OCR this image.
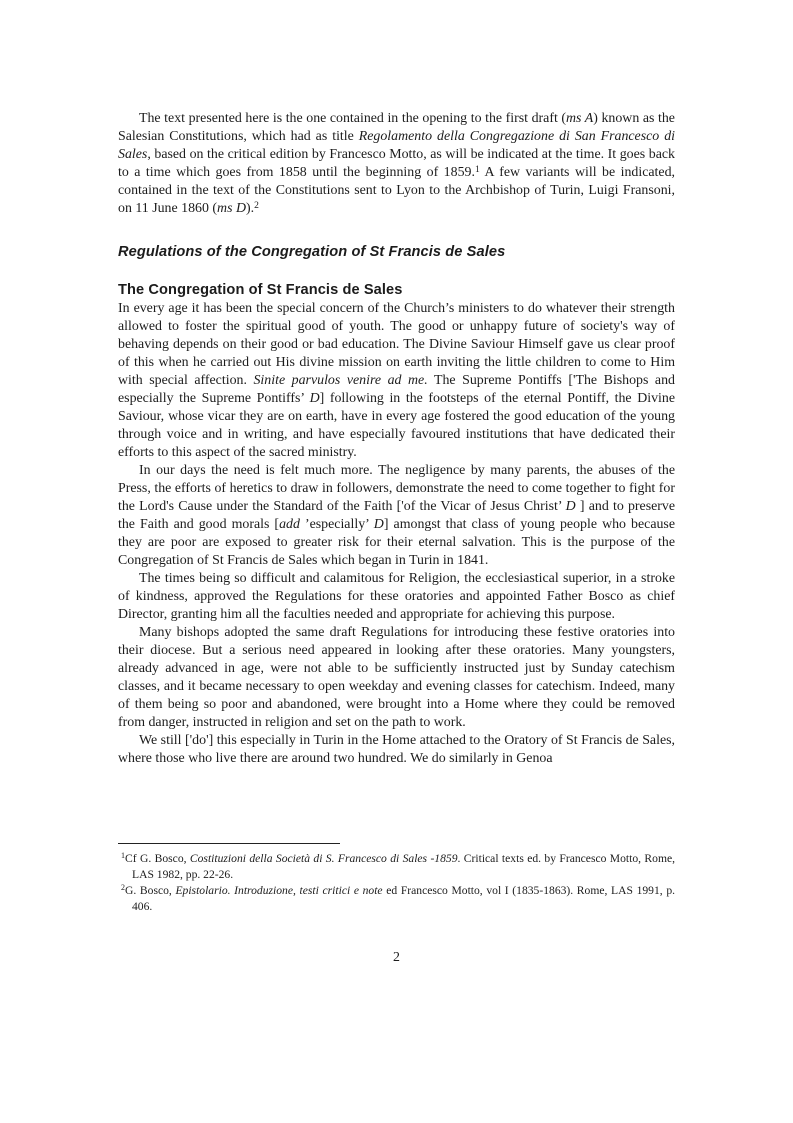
The text presented here is the one contained in the opening to the first draft (ms A) known as the Salesian Constitutions, which had as title Regolamento della Congregazione di San Francesco di Sales, based on the critical edition by Francesco Motto, as will be indicated at the time. It goes back to a time which goes from 1858 until the beginning of 1859.$^1$ A few variants will be indicated, contained in the text of the Constitutions sent to Lyon to the Archbishop of Turin, Luigi Fransoni, on 11 June 1860 (ms D).$^2$

Regulations of the Congregation of St Francis de Sales
The Congregation of St Francis de Sales

In every age it has been the special concern of the Church’s ministers to do whatever their strength allowed to foster the spiritual good of youth. The good or unhappy future of society's way of behaving depends on their good or bad education. The Divine Saviour Himself gave us clear proof of this when he carried out His divine mission on earth inviting the little children to come to Him with special affection. Sinite parvulos venire ad me. The Supreme Pontiffs ['The Bishops and especially the Supreme Pontiffs’ D] following in the footsteps of the eternal Pontiff, the Divine Saviour, whose vicar they are on earth, have in every age fostered the good education of the young through voice and in writing, and have especially favoured institutions that have dedicated their efforts to this aspect of the sacred ministry.

In our days the need is felt much more. The negligence by many parents, the abuses of the Press, the efforts of heretics to draw in followers, demonstrate the need to come together to fight for the Lord's Cause under the Standard of the Faith ['of the Vicar of Jesus Christ’ D ] and to preserve the Faith and good morals [add ’especially’ D] amongst that class of young people who because they are poor are exposed to greater risk for their eternal salvation. This is the purpose of the Congregation of St Francis de Sales which began in Turin in 1841.

The times being so difficult and calamitous for Religion, the ecclesiastical superior, in a stroke of kindness, approved the Regulations for these oratories and appointed Father Bosco as chief Director, granting him all the faculties needed and appropriate for achieving this purpose.

Many bishops adopted the same draft Regulations for introducing these festive oratories into their diocese. But a serious need appeared in looking after these oratories. Many youngsters, already advanced in age, were not able to be sufficiently instructed just by Sunday catechism classes, and it became necessary to open weekday and evening classes for catechism. Indeed, many of them being so poor and abandoned, were brought into a Home where they could be removed from danger, instructed in religion and set on the path to work.

We still ['do'] this especially in Turin in the Home attached to the Oratory of St Francis de Sales, where those who live there are around two hundred. We do similarly in Genoa

$^1$Cf G. Bosco, Costituzioni della Società di S. Francesco di Sales -1859. Critical texts ed. by Francesco Motto, Rome, LAS 1982, pp. 22-26.
$^2$G. Bosco, Epistolario. Introduzione, testi critici e note ed Francesco Motto, vol I (1835-1863). Rome, LAS 1991, p. 406.
2
